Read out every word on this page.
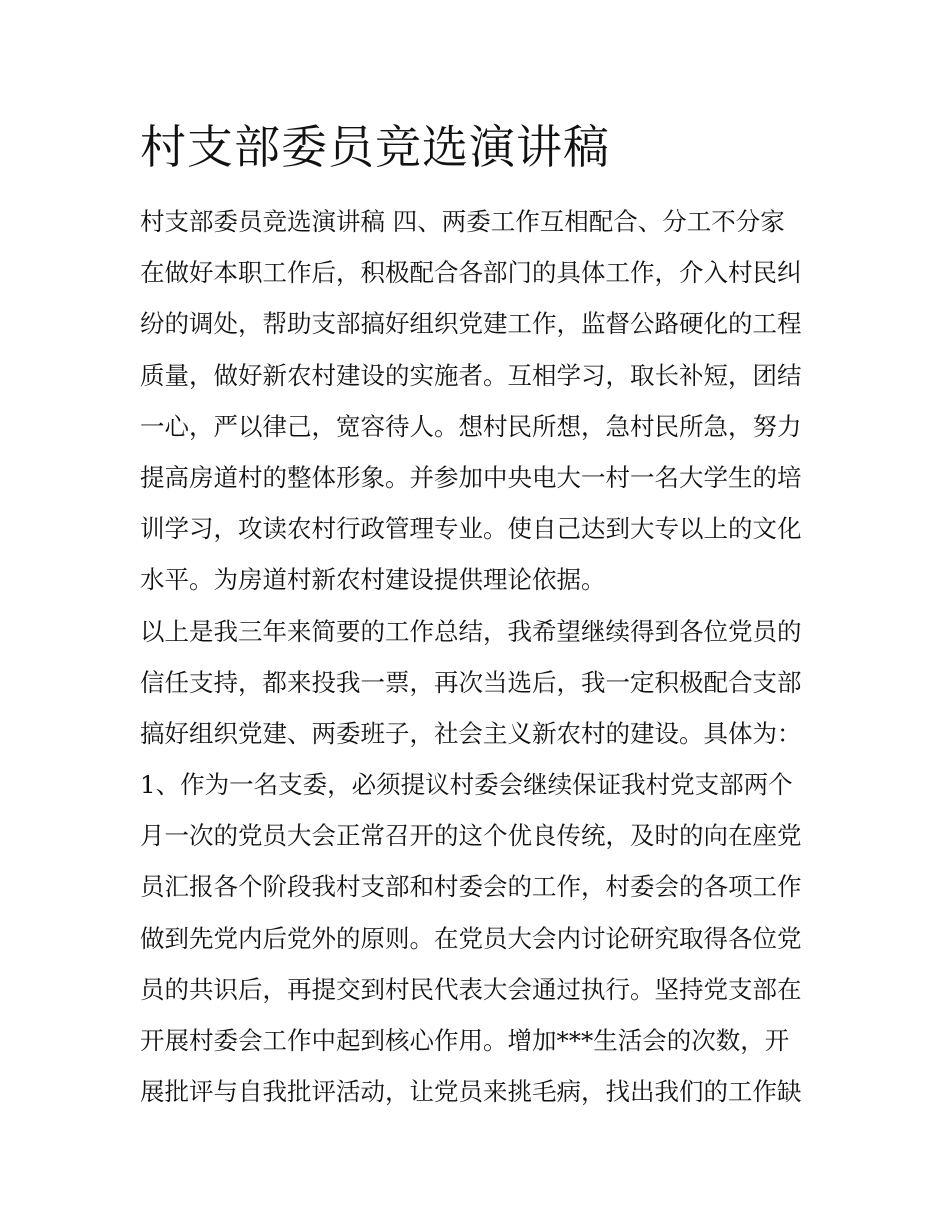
村支部委员竞选演讲稿
村支部委员竞选演讲稿 四、两委工作互相配合、分工不分家
在做好本职工作后，积极配合各部门的具体工作，介入村民纠
纷的调处，帮助支部搞好组织党建工作，监督公路硬化的工程
质量，做好新农村建设的实施者。互相学习，取长补短，团结
一心，严以律己，宽容待人。想村民所想，急村民所急，努力
提高房道村的整体形象。并参加中央电大一村一名大学生的培
训学习，攻读农村行政管理专业。使自己达到大专以上的文化
水平。为房道村新农村建设提供理论依据。
以上是我三年来简要的工作总结，我希望继续得到各位党员的
信任支持，都来投我一票，再次当选后，我一定积极配合支部
搞好组织党建、两委班子，社会主义新农村的建设。具体为：
1、作为一名支委，必须提议村委会继续保证我村党支部两个
月一次的党员大会正常召开的这个优良传统，及时的向在座党
员汇报各个阶段我村支部和村委会的工作，村委会的各项工作
做到先党内后党外的原则。在党员大会内讨论研究取得各位党
员的共识后，再提交到村民代表大会通过执行。坚持党支部在
开展村委会工作中起到核心作用。增加***生活会的次数，开
展批评与自我批评活动，让党员来挑毛病，找出我们的工作缺
